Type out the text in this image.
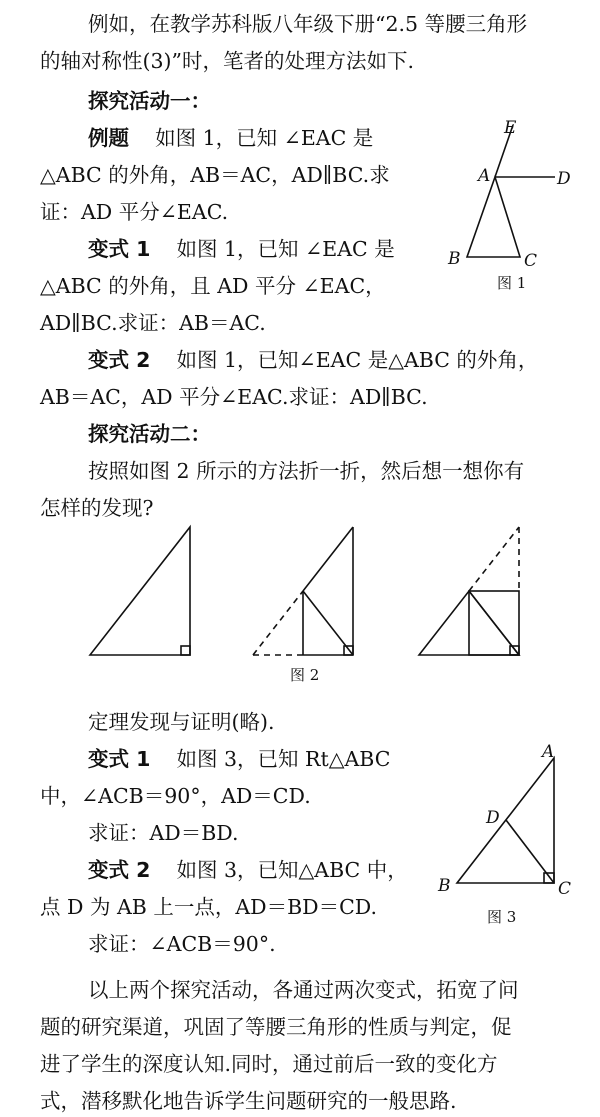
例如，在教学苏科版八年级下册“2.5 等腰三角形
的轴对称性(3)”时，笔者的处理方法如下.
探究活动一：
例题 如图 1，已知 ∠EAC 是
△ABC 的外角，AB＝AC，AD∥BC.求
证：AD 平分∠EAC.
变式 1 如图 1，已知 ∠EAC 是
△ABC 的外角，且 AD 平分 ∠EAC，
AD∥BC.求证：AB＝AC.
变式 2 如图 1，已知∠EAC 是△ABC 的外角，
AB＝AC，AD 平分∠EAC.求证：AD∥BC.
探究活动二：
按照如图 2 所示的方法折一折，然后想一想你有
怎样的发现?
E
A	D
B	C
图 1
图 2
定理发现与证明(略).
变式 1 如图 3，已知 Rt△ABC
中，∠ACB＝90°，AD＝CD.
求证：AD＝BD.
变式 2 如图 3，已知△ABC 中，
点 D 为 AB 上一点，AD＝BD＝CD.
求证：∠ACB＝90°.
A
D
B	C
图 3
以上两个探究活动，各通过两次变式，拓宽了问
题的研究渠道，巩固了等腰三角形的性质与判定，促
进了学生的深度认知.同时，通过前后一致的变化方
式，潜移默化地告诉学生问题研究的一般思路.
